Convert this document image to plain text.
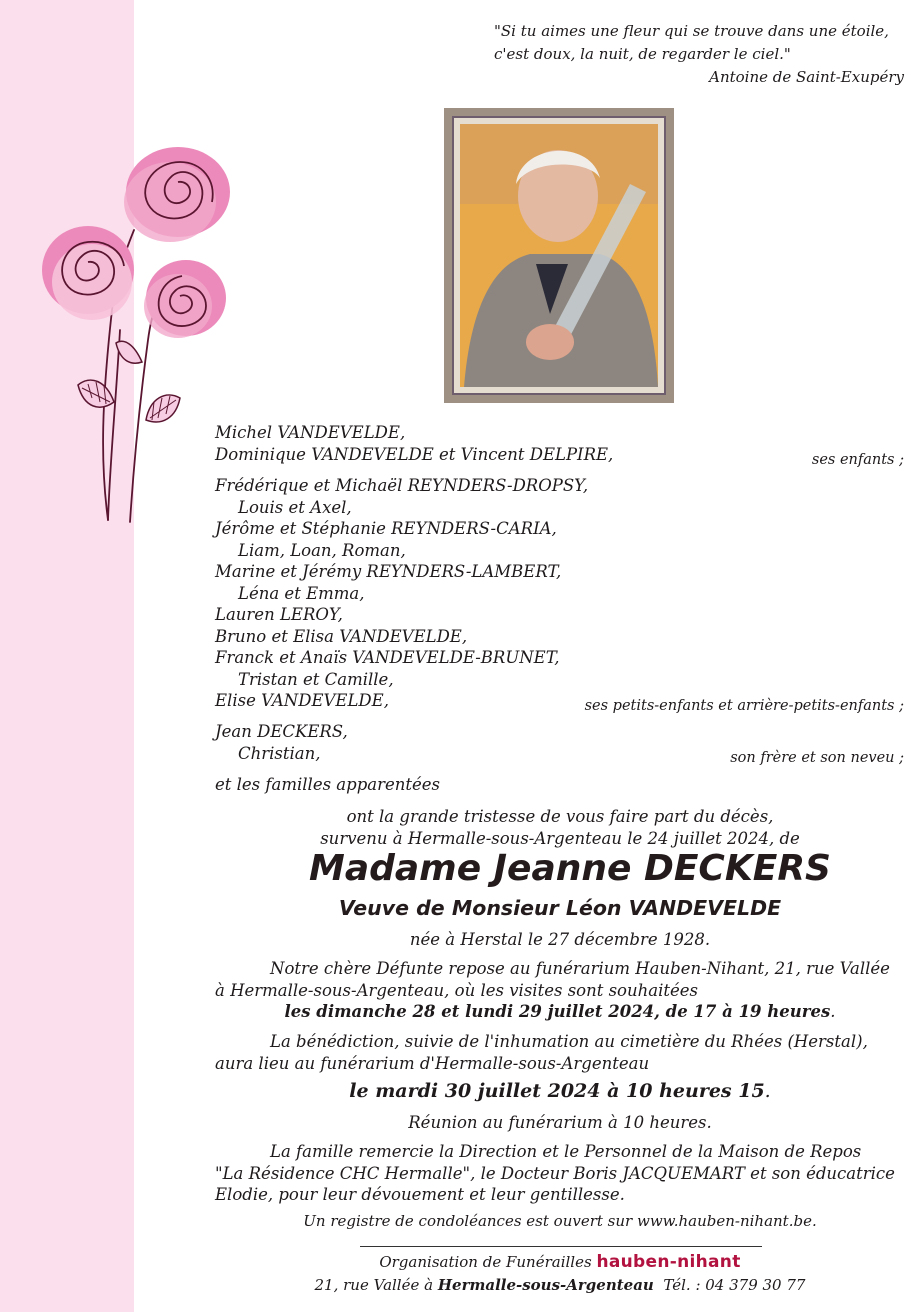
"Si tu aimes une fleur qui se trouve dans une étoile,
c'est doux, la nuit, de regarder le ciel."
Antoine de Saint-Exupéry
Michel VANDEVELDE,
Dominique VANDEVELDE et Vincent DELPIRE,	ses enfants ;
Frédérique et Michaël REYNDERS-DROPSY,
Louis et Axel,
Jérôme et Stéphanie REYNDERS-CARIA,
Liam, Loan, Roman,
Marine et Jérémy REYNDERS-LAMBERT,
Léna et Emma,
Lauren LEROY,
Bruno et Elisa VANDEVELDE,
Franck et Anaïs VANDEVELDE-BRUNET,
Tristan et Camille,
Elise VANDEVELDE,	ses petits-enfants et arrière-petits-enfants ;
Jean DECKERS,
Christian,	son frère et son neveu ;
et les familles apparentées
ont la grande tristesse de vous faire part du décès,
survenu à Hermalle-sous-Argenteau le 24 juillet 2024, de
Madame Jeanne DECKERS
Veuve de Monsieur Léon VANDEVELDE
née à Herstal le 27 décembre 1928.
Notre chère Défunte repose au funérarium Hauben-Nihant, 21, rue Vallée
à Hermalle-sous-Argenteau, où les visites sont souhaitées
les dimanche 28 et lundi 29 juillet 2024, de 17 à 19 heures.
La bénédiction, suivie de l'inhumation au cimetière du Rhées (Herstal),
aura lieu au funérarium d'Hermalle-sous-Argenteau
le mardi 30 juillet 2024 à 10 heures 15.
Réunion au funérarium à 10 heures.
La famille remercie la Direction et le Personnel de la Maison de Repos
"La Résidence CHC Hermalle", le Docteur Boris JACQUEMART et son éducatrice
Elodie, pour leur dévouement et leur gentillesse.
Un registre de condoléances est ouvert sur www.hauben-nihant.be.
Organisation de Funérailles hauben-nihant
21, rue Vallée à Hermalle-sous-Argenteau Tél. : 04 379 30 77
